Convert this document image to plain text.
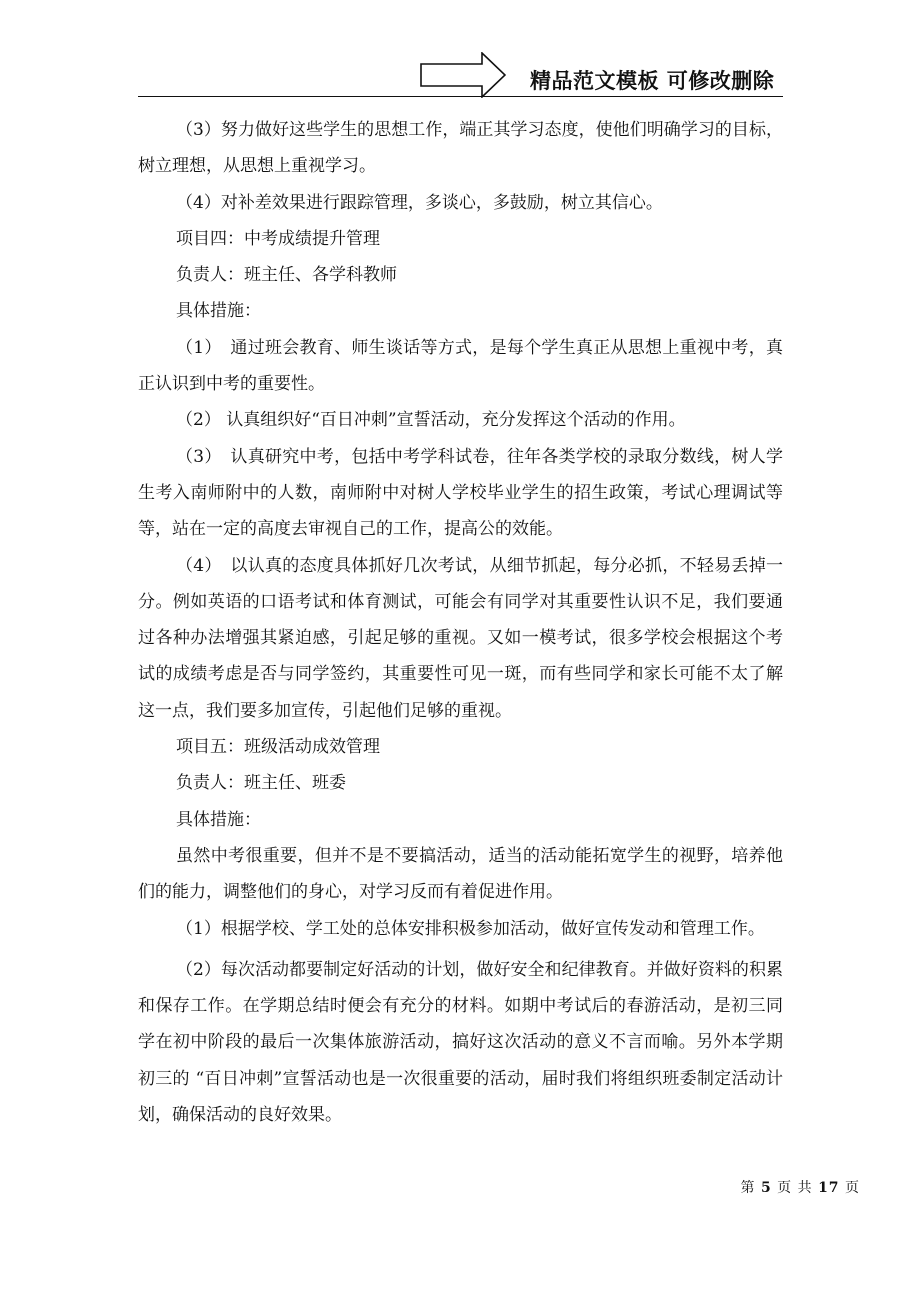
精品范文模板 可修改删除

（3）努力做好这些学生的思想工作，端正其学习态度，使他们明确学习的目标，树立理想，从思想上重视学习。

（4）对补差效果进行跟踪管理，多谈心，多鼓励，树立其信心。

项目四：中考成绩提升管理

负责人：班主任、各学科教师

具体措施：

（1）　通过班会教育、师生谈话等方式，是每个学生真正从思想上重视中考，真正认识到中考的重要性。

（2） 认真组织好“百日冲刺”宣誓活动，充分发挥这个活动的作用。

（3）　认真研究中考，包括中考学科试卷，往年各类学校的录取分数线，树人学生考入南师附中的人数，南师附中对树人学校毕业学生的招生政策，考试心理调试等等，站在一定的高度去审视自己的工作，提高公的效能。

（4）　以认真的态度具体抓好几次考试，从细节抓起，每分必抓，不轻易丢掉一分。例如英语的口语考试和体育测试，可能会有同学对其重要性认识不足，我们要通过各种办法增强其紧迫感，引起足够的重视。又如一模考试，很多学校会根据这个考试的成绩考虑是否与同学签约，其重要性可见一斑，而有些同学和家长可能不太了解这一点，我们要多加宣传，引起他们足够的重视。

项目五：班级活动成效管理

负责人：班主任、班委

具体措施：

虽然中考很重要，但并不是不要搞活动，适当的活动能拓宽学生的视野，培养他们的能力，调整他们的身心，对学习反而有着促进作用。

（1）根据学校、学工处的总体安排积极参加活动，做好宣传发动和管理工作。

（2）每次活动都要制定好活动的计划，做好安全和纪律教育。并做好资料的积累和保存工作。在学期总结时便会有充分的材料。如期中考试后的春游活动，是初三同学在初中阶段的最后一次集体旅游活动，搞好这次活动的意义不言而喻。另外本学期初三的 “百日冲刺”宣誓活动也是一次很重要的活动，届时我们将组织班委制定活动计划，确保活动的良好效果。

第 5 页 共 17 页
